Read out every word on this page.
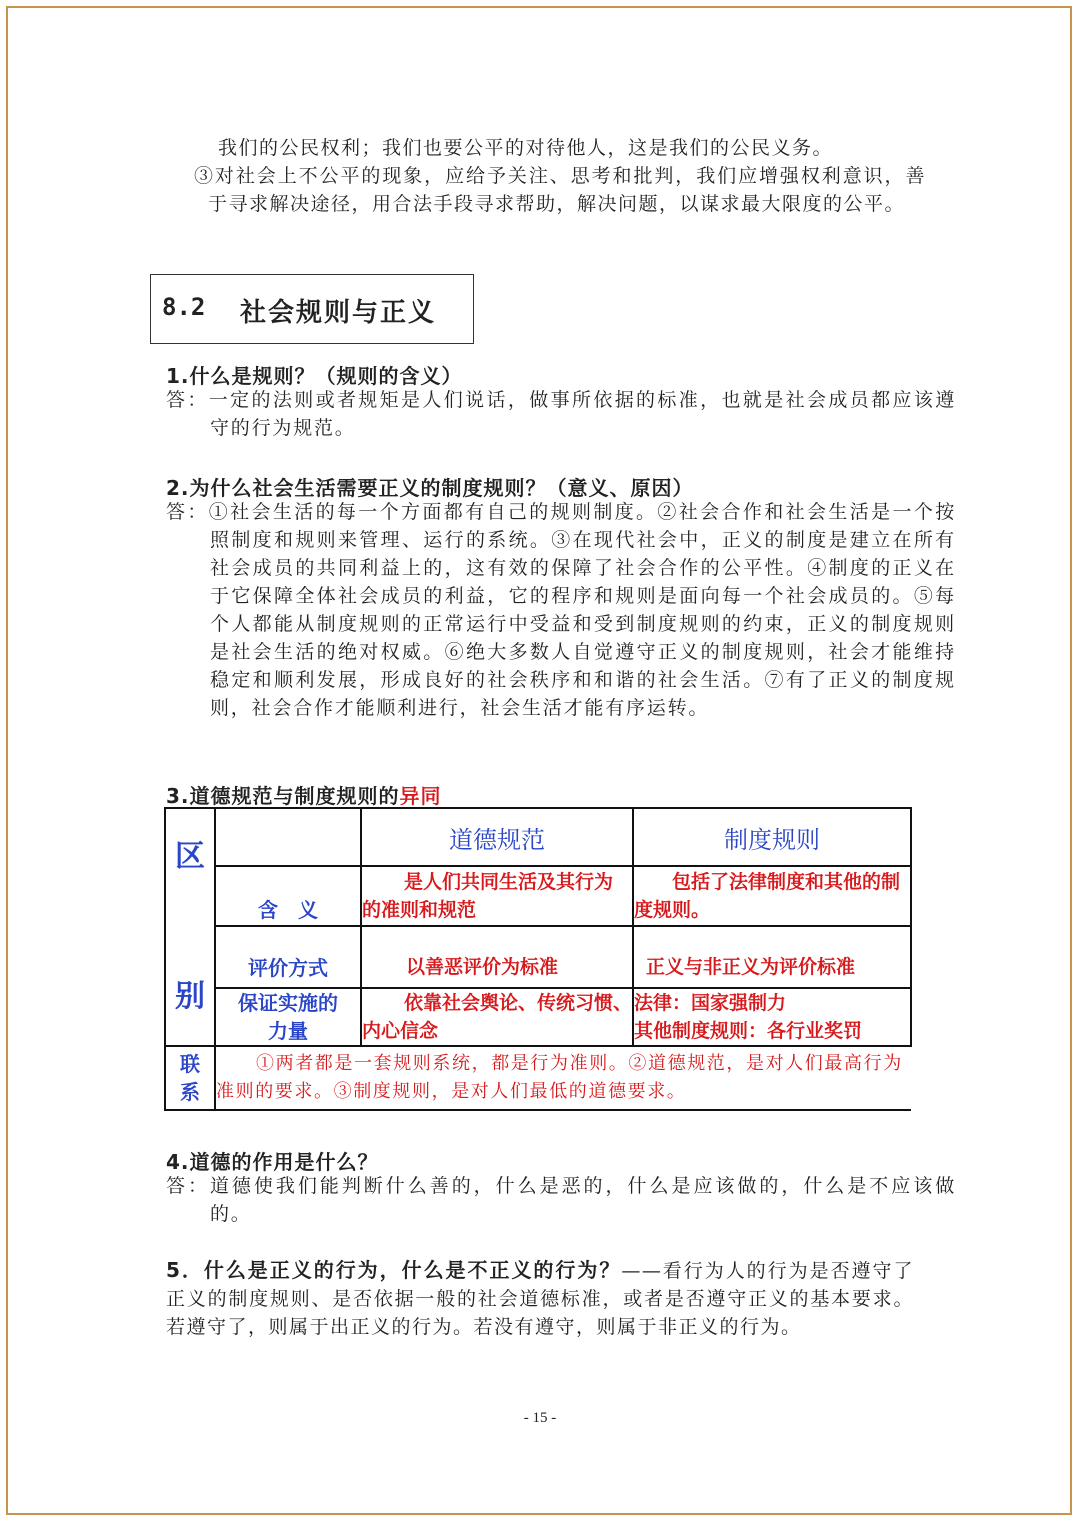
我们的公民权利；我们也要公平的对待他人，这是我们的公民义务。

③对社会上不公平的现象，应给予关注、思考和批判，我们应增强权利意识，善于寻求解决途径，用合法手段寻求帮助，解决问题，以谋求最大限度的公平。

8.2 社会规则与正义

1.什么是规则？（规则的含义）

答：一定的法则或者规矩是人们说话，做事所依据的标准，也就是社会成员都应该遵守的行为规范。

2.为什么社会生活需要正义的制度规则？（意义、原因）

答：①社会生活的每一个方面都有自己的规则制度。②社会合作和社会生活是一个按照制度和规则来管理、运行的系统。③在现代社会中，正义的制度是建立在所有社会成员的共同利益上的，这有效的保障了社会合作的公平性。④制度的正义在于它保障全体社会成员的利益，它的程序和规则是面向每一个社会成员的。⑤每个人都能从制度规则的正常运行中受益和受到制度规则的约束，正义的制度规则是社会生活的绝对权威。⑥绝大多数人自觉遵守正义的制度规则，社会才能维持稳定和顺利发展，形成良好的社会秩序和和谐的社会生活。⑦有了正义的制度规则，社会合作才能顺利进行，社会生活才能有序运转。

3.道德规范与制度规则的异同

区
别		道德规范	制度规则
	含　义	是人们共同生活及其行为的准则和规范	包括了法律制度和其他的制度规则。
	评价方式	以善恶评价为标准	正义与非正义为评价标准
	保证实施的力量	依靠社会舆论、传统习惯、内心信念	法律：国家强制力
其他制度规则：各行业奖罚

联系	①两者都是一套规则系统，都是行为准则。②道德规范，是对人们最高行为准则的要求。③制度规则，是对人们最低的道德要求。		

4.道德的作用是什么？

答：道德使我们能判断什么善的，什么是恶的，什么是应该做的，什么是不应该做的。

5．什么是正义的行为，什么是不正义的行为？——看行为人的行为是否遵守了正义的制度规则、是否依据一般的社会道德标准，或者是否遵守正义的基本要求。若遵守了，则属于出正义的行为。若没有遵守，则属于非正义的行为。

- 15 -
